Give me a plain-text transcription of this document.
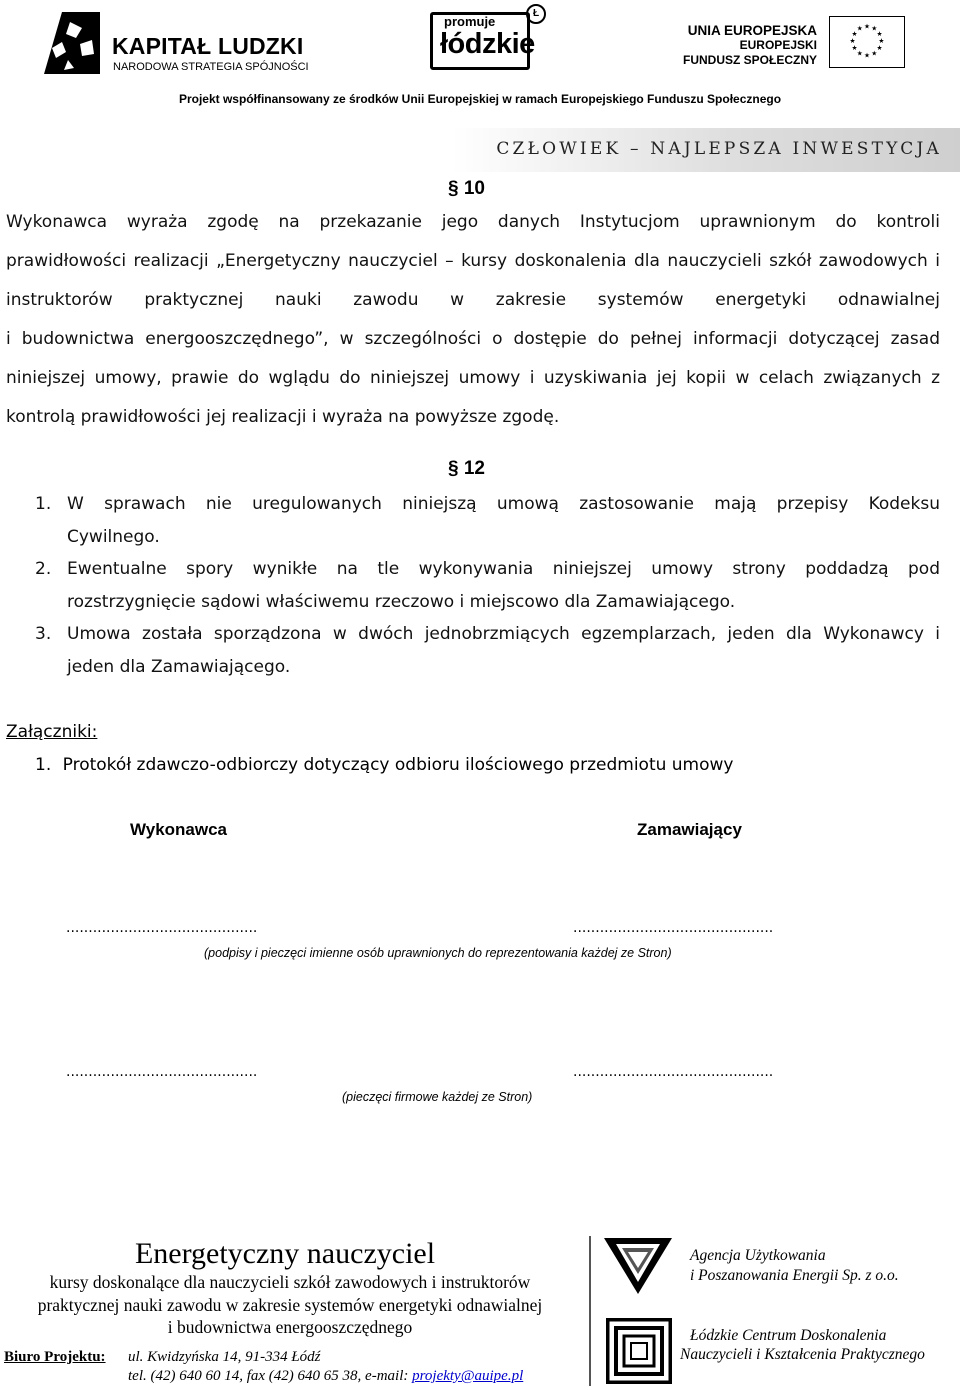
KAPITAŁ LUDZKI
NARODOWA STRATEGIA SPÓJNOŚCI
promuje
łódzkie
Ł
UNIA EUROPEJSKA
EUROPEJSKI
FUNDUSZ SPOŁECZNY
★ ★
★
★
★
★
★
★
★
★
★
★
Projekt współfinansowany ze środków Unii Europejskiej w ramach Europejskiego Funduszu Społecznego
CZŁOWIEK – NAJLEPSZA INWESTYCJA
§ 10
Wykonawca wyraża zgodę na przekazanie jego danych Instytucjom uprawnionym do kontroli
prawidłowości realizacji „Energetyczny nauczyciel – kursy doskonalenia dla nauczycieli szkół zawodowych i
instruktorów praktycznej nauki zawodu w zakresie systemów energetyki odnawialnej
i budownictwa energooszczędnego”, w szczególności o dostępie do pełnej informacji dotyczącej zasad
niniejszej umowy, prawie do wglądu do niniejszej umowy i uzyskiwania jej kopii w celach związanych z
kontrolą prawidłowości jej realizacji i wyraża na powyższe zgodę.
§ 12
1. W sprawach nie uregulowanych niniejszą umową zastosowanie mają przepisy Kodeksu
Cywilnego.
2. Ewentualne spory wynikłe na tle wykonywania niniejszej umowy strony poddadzą pod
rozstrzygnięcie sądowi właściwemu rzeczowo i miejscowo dla Zamawiającego.
3. Umowa została sporządzona w dwóch jednobrzmiących egzemplarzach, jeden dla Wykonawcy i
jeden dla Zamawiającego.
Załączniki:
1. Protokół zdawczo-odbiorczy dotyczący odbioru ilościowego przedmiotu umowy
Wykonawca	Zamawiający
...........................................	.............................................
(podpisy i pieczęci imienne osób uprawnionych do reprezentowania każdej ze Stron)
...........................................	.............................................
(pieczęci firmowe każdej ze Stron)
Energetyczny nauczyciel
kursy doskonalące dla nauczycieli szkół zawodowych i instruktorów
praktycznej nauki zawodu w zakresie systemów energetyki odnawialnej
i budownictwa energooszczędnego
Biuro Projektu: ul. Kwidzyńska 14, 91-334 Łódź
tel. (42) 640 60 14, fax (42) 640 65 38, e-mail: projekty@auipe.pl
Agencja Użytkowania
i Poszanowania Energii Sp. z o.o.
Łódzkie Centrum Doskonalenia
Nauczycieli i Kształcenia Praktycznego
